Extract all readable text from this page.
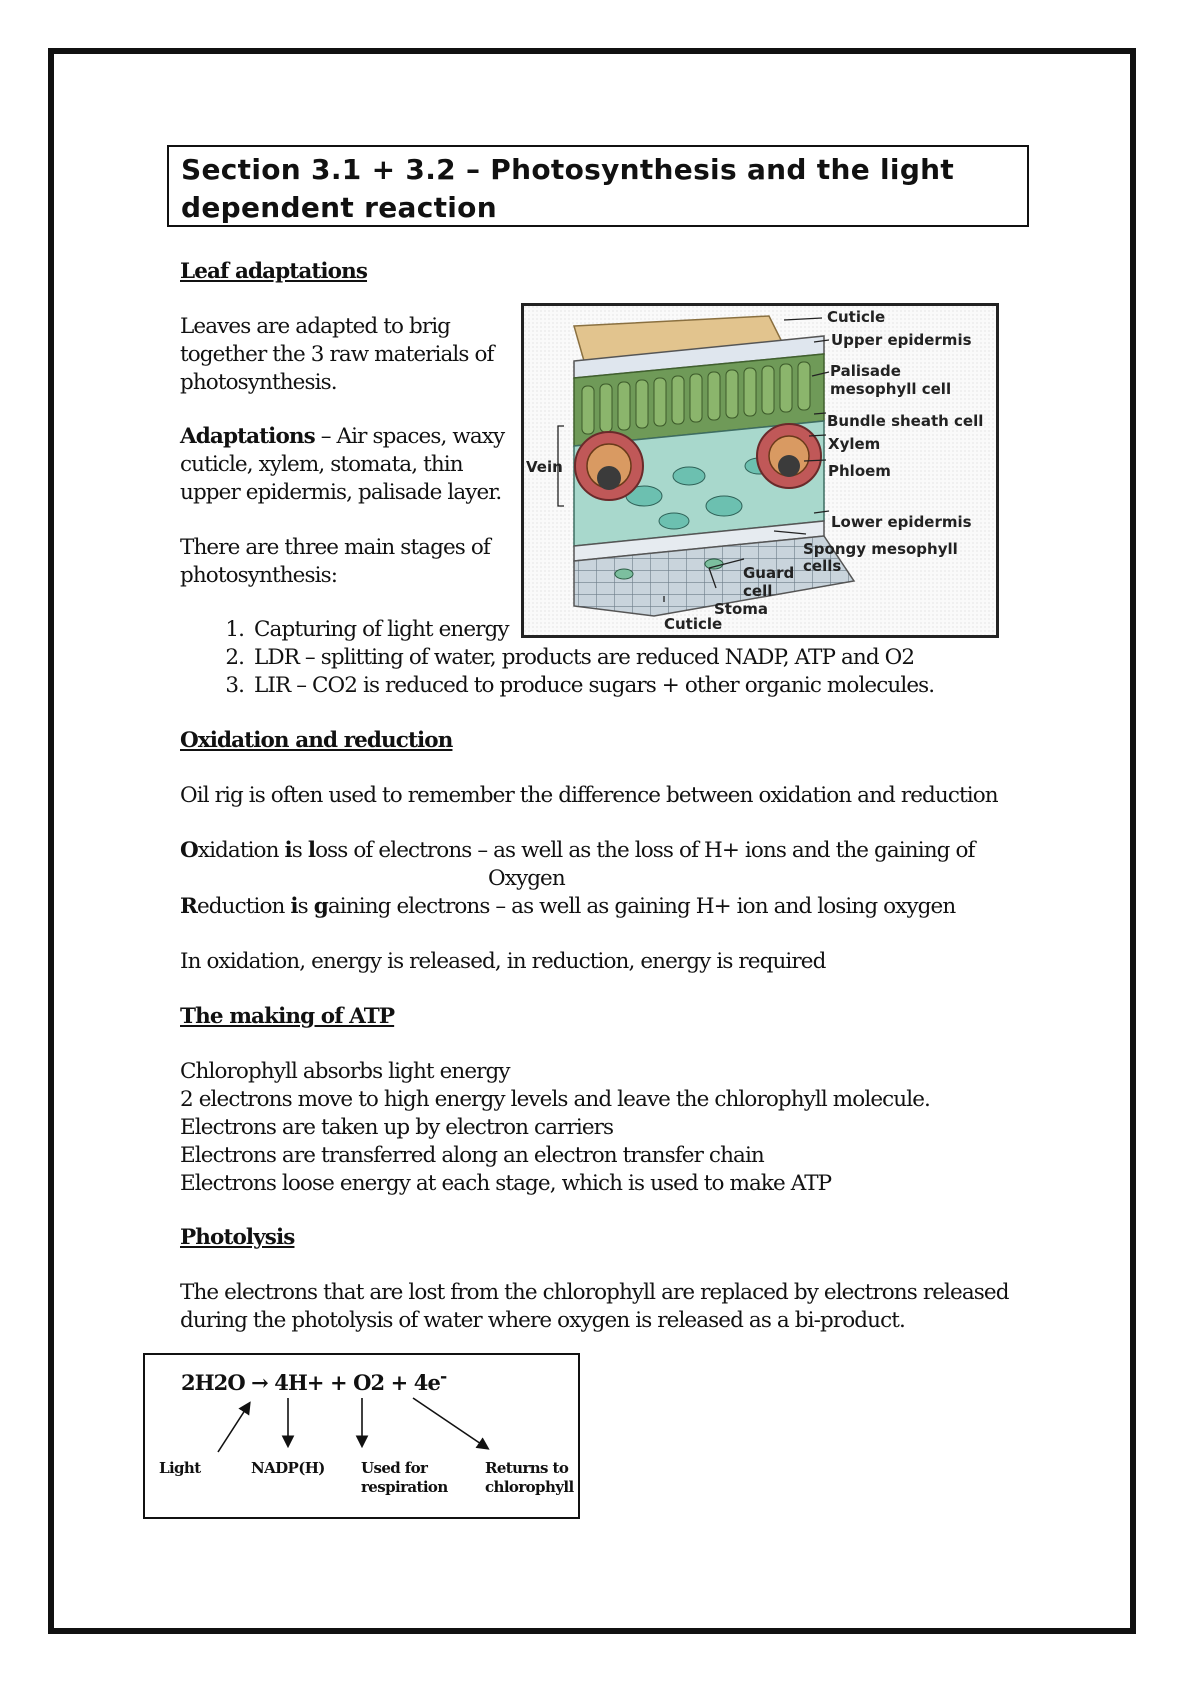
Section 3.1 + 3.2 – Photosynthesis and the light dependent reaction
Leaf adaptations
Leaves are adapted to brig
together the 3 raw materials of
photosynthesis.
Adaptations – Air spaces, waxy
cuticle, xylem, stomata, thin
upper epidermis, palisade layer.
There are three main stages of
photosynthesis:
1. Capturing of light energy
2. LDR – splitting of water, products are reduced NADP, ATP and O2
3. LIR – CO2 is reduced to produce sugars + other organic molecules.
Cuticle
Upper epidermis
Palisade
mesophyll cell
Bundle sheath cell
Xylem
Phloem
Vein
Lower epidermis
Spongy mesophyll
cells
Guard
cell
Stoma
Cuticle
Oxidation and reduction
Oil rig is often used to remember the difference between oxidation and reduction
Oxidation is loss of electrons – as well as the loss of H+ ions and the gaining of
Oxygen
Reduction is gaining electrons – as well as gaining H+ ion and losing oxygen
In oxidation, energy is released, in reduction, energy is required
The making of ATP
Chlorophyll absorbs light energy
2 electrons move to high energy levels and leave the chlorophyll molecule.
Electrons are taken up by electron carriers
Electrons are transferred along an electron transfer chain
Electrons loose energy at each stage, which is used to make ATP
Photolysis
The electrons that are lost from the chlorophyll are replaced by electrons released
during the photolysis of water where oxygen is released as a bi-product.
2H2O → 4H+ + O2 + 4e-
Light	NADP(H) Used for
respiration
Returns to
chlorophyll
